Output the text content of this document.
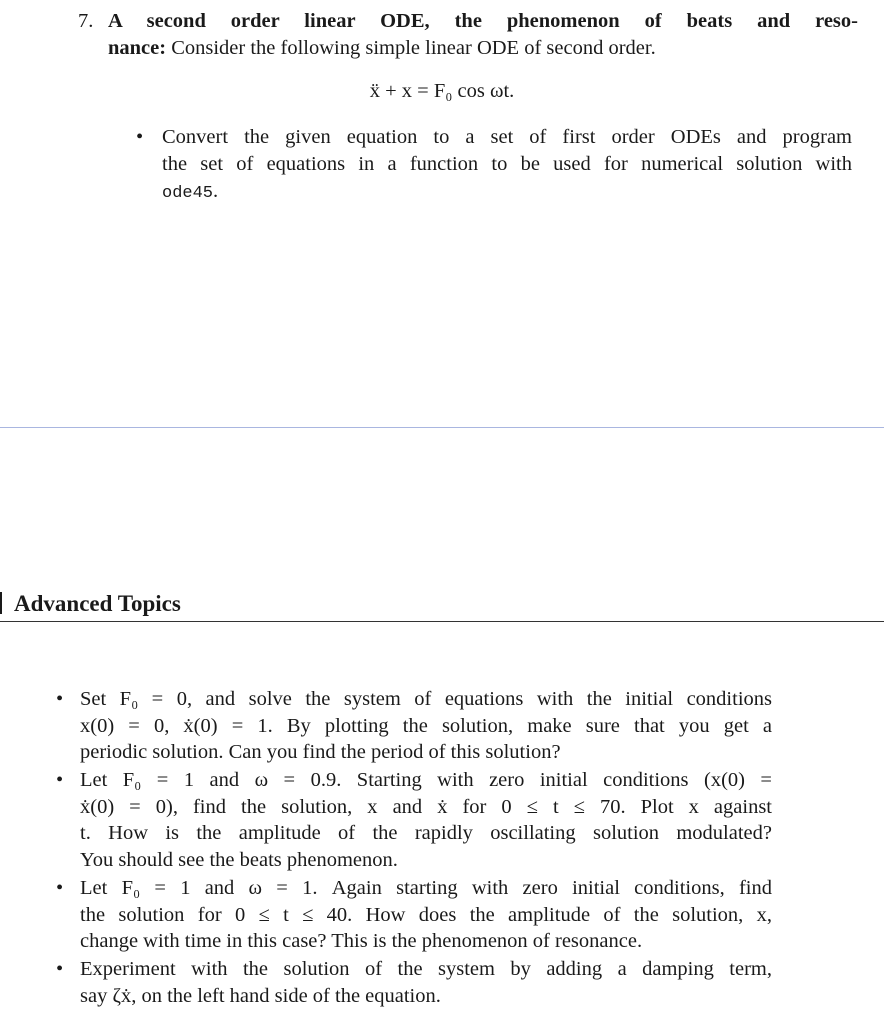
7. A second order linear ODE, the phenomenon of beats and reso-
nance: Consider the following simple linear ODE of second order.
ẍ + x = F₀ cos ωt.
• Convert the given equation to a set of first order ODEs and program
the set of equations in a function to be used for numerical solution with
ode45.
Advanced Topics
• Set F₀ = 0, and solve the system of equations with the initial conditions
x(0) = 0, ẋ(0) = 1. By plotting the solution, make sure that you get a
periodic solution. Can you find the period of this solution?
• Let F₀ = 1 and ω = 0.9. Starting with zero initial conditions (x(0) =
ẋ(0) = 0), find the solution, x and ẋ for 0 ≤ t ≤ 70. Plot x against
t. How is the amplitude of the rapidly oscillating solution modulated?
You should see the beats phenomenon.
• Let F₀ = 1 and ω = 1. Again starting with zero initial conditions, find
the solution for 0 ≤ t ≤ 40. How does the amplitude of the solution, x,
change with time in this case? This is the phenomenon of resonance.
• Experiment with the solution of the system by adding a damping term,
say ζẋ, on the left hand side of the equation.
